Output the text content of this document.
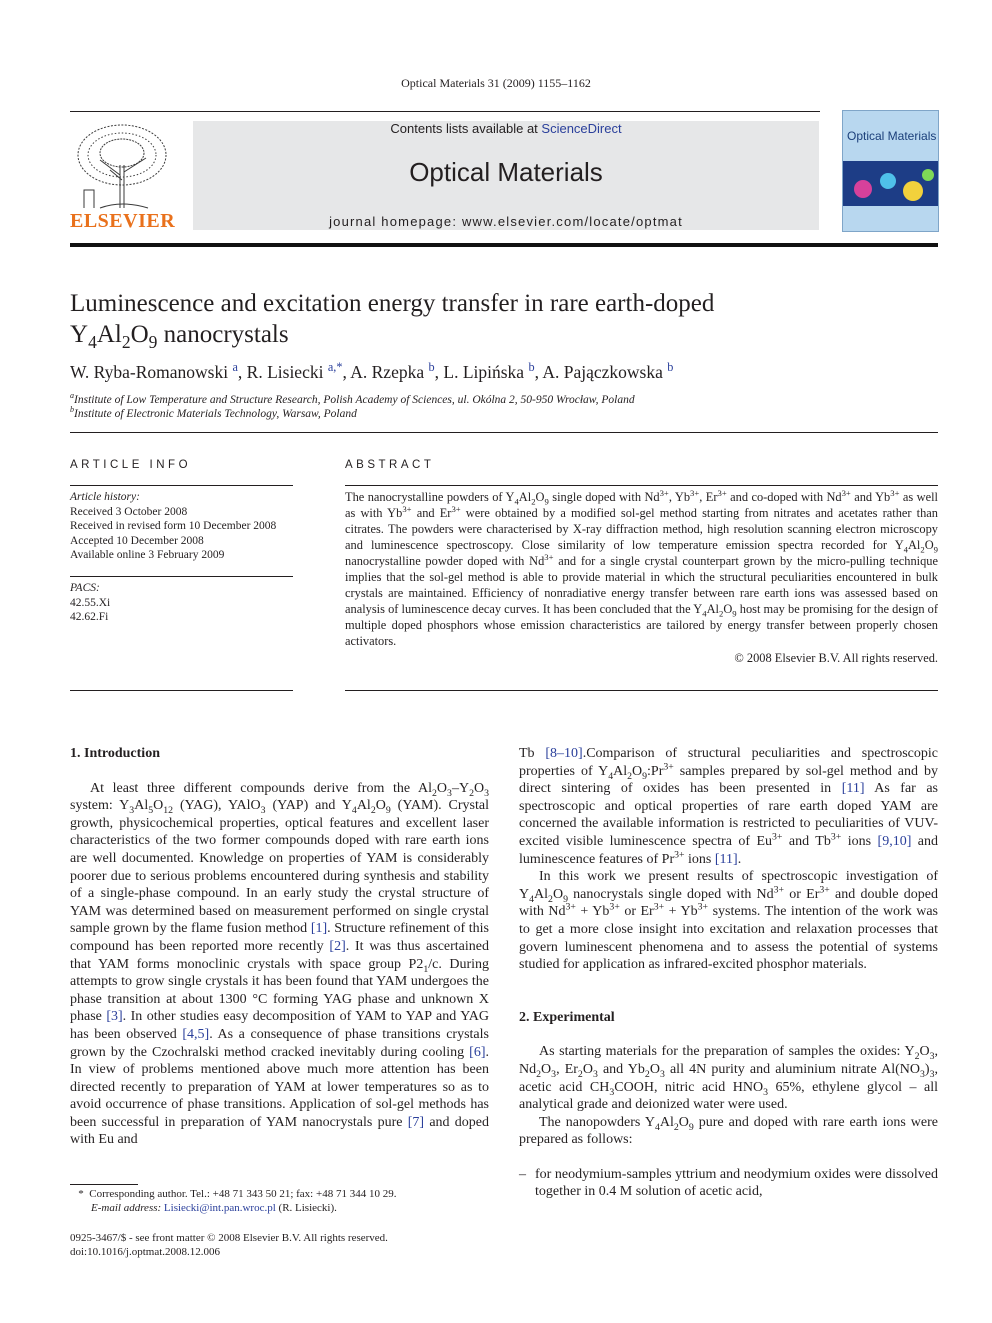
Optical Materials 31 (2009) 1155–1162
ELSEVIER
Contents lists available at ScienceDirect
Optical Materials
journal homepage: www.elsevier.com/locate/optmat
Optical Materials
Luminescence and excitation energy transfer in rare earth-doped
$Y_4Al_2O_9$ nanocrystals
W. Ryba-Romanowski $^a$, R. Lisiecki $^{a,*}$, A. Rzepka $^b$, L. Lipińska $^b$, A. Pajączkowska $^b$
$^a$Institute of Low Temperature and Structure Research, Polish Academy of Sciences, ul. Okólna 2, 50-950 Wrocław, Poland
$^b$Institute of Electronic Materials Technology, Warsaw, Poland
ARTICLE INFO
Article history:
Received 3 October 2008
Received in revised form 10 December 2008
Accepted 10 December 2008
Available online 3 February 2009
PACS:
42.55.Xi
42.62.Fi
ABSTRACT
The nanocrystalline powders of $Y_4Al_2O_9$ single doped with $Nd^{3+}$, $Yb^{3+}$, $Er^{3+}$ and co-doped with $Nd^{3+}$ and $Yb^{3+}$ as well as with $Yb^{3+}$ and $Er^{3+}$ were obtained by a modified sol-gel method starting from nitrates and acetates rather than citrates. The powders were characterised by X-ray diffraction method, high resolution scanning electron microscopy and luminescence spectroscopy. Close similarity of low temperature emission spectra recorded for $Y_4Al_2O_9$ nanocrystalline powder doped with $Nd^{3+}$ and for a single crystal counterpart grown by the micro-pulling technique implies that the sol-gel method is able to provide material in which the structural peculiarities encountered in bulk crystals are maintained. Efficiency of nonradiative energy transfer between rare earth ions was assessed based on analysis of luminescence decay curves. It has been concluded that the $Y_4Al_2O_9$ host may be promising for the design of multiple doped phosphors whose emission characteristics are tailored by energy transfer between properly chosen activators.
© 2008 Elsevier B.V. All rights reserved.
1. Introduction

At least three different compounds derive from the $Al_2O_3-Y_2O_3$ system: $Y_3Al_5O_{12}$ (YAG), YAlO$_3$ (YAP) and $Y_4Al_2O_9$ (YAM). Crystal growth, physicochemical properties, optical features and excellent laser characteristics of the two former compounds doped with rare earth ions are well documented. Knowledge on properties of YAM is considerably poorer due to serious problems encountered during synthesis and stability of a single-phase compound. In an early study the crystal structure of YAM was determined based on measurement performed on single crystal sample grown by the flame fusion method [1]. Structure refinement of this compound has been reported more recently [2]. It was thus ascertained that YAM forms monoclinic crystals with space group $P2_1/c$. During attempts to grow single crystals it has been found that YAM undergoes the phase transition at about 1300 °C forming YAG phase and unknown X phase [3]. In other studies easy decomposition of YAM to YAP and YAG has been observed [4,5]. As a consequence of phase transitions crystals grown by the Czochralski method cracked inevitably during cooling [6]. In view of problems mentioned above much more attention has been directed recently to preparation of YAM at lower temperatures so as to avoid occurrence of phase transitions. Application of sol-gel methods has been successful in preparation of YAM nanocrystals pure [7] and doped with Eu and

*  Corresponding author. Tel.: +48 71 343 50 21; fax: +48 71 344 10 29.
E-mail address: Lisiecki@int.pan.wroc.pl (R. Lisiecki).
0925-3467/$ - see front matter © 2008 Elsevier B.V. All rights reserved.
doi:10.1016/j.optmat.2008.12.006

Tb [8–10].Comparison of structural peculiarities and spectroscopic properties of $Y_4Al_2O_9:Pr^{3+}$ samples prepared by sol-gel method and by direct sintering of oxides has been presented in [11] As far as spectroscopic and optical properties of rare earth doped YAM are concerned the available information is restricted to peculiarities of VUV-excited visible luminescence spectra of $Eu^{3+}$ and $Tb^{3+}$ ions [9,10] and luminescence features of $Pr^{3+}$ ions [11].

In this work we present results of spectroscopic investigation of $Y_4Al_2O_9$ nanocrystals single doped with $Nd^{3+}$ or $Er^{3+}$ and double doped with $Nd^{3+} + Yb^{3+}$ or $Er^{3+} + Yb^{3+}$ systems. The intention of the work was to get a more close insight into excitation and relaxation processes that govern luminescent phenomena and to assess the potential of systems studied for application as infrared-excited phosphor materials.

2. Experimental

As starting materials for the preparation of samples the oxides: $Y_2O_3$, $Nd_2O_3$, $Er_2O_3$ and $Yb_2O_3$ all 4N purity and aluminium nitrate $Al(NO_3)_3$, acetic acid $CH_3COOH$, nitric acid $HNO_3$ 65%, ethylene glycol – all analytical grade and deionized water were used.

The nanopowders $Y_4Al_2O_9$ pure and doped with rare earth ions were prepared as follows:

– for neodymium-samples yttrium and neodymium oxides were dissolved together in 0.4 M solution of acetic acid,
